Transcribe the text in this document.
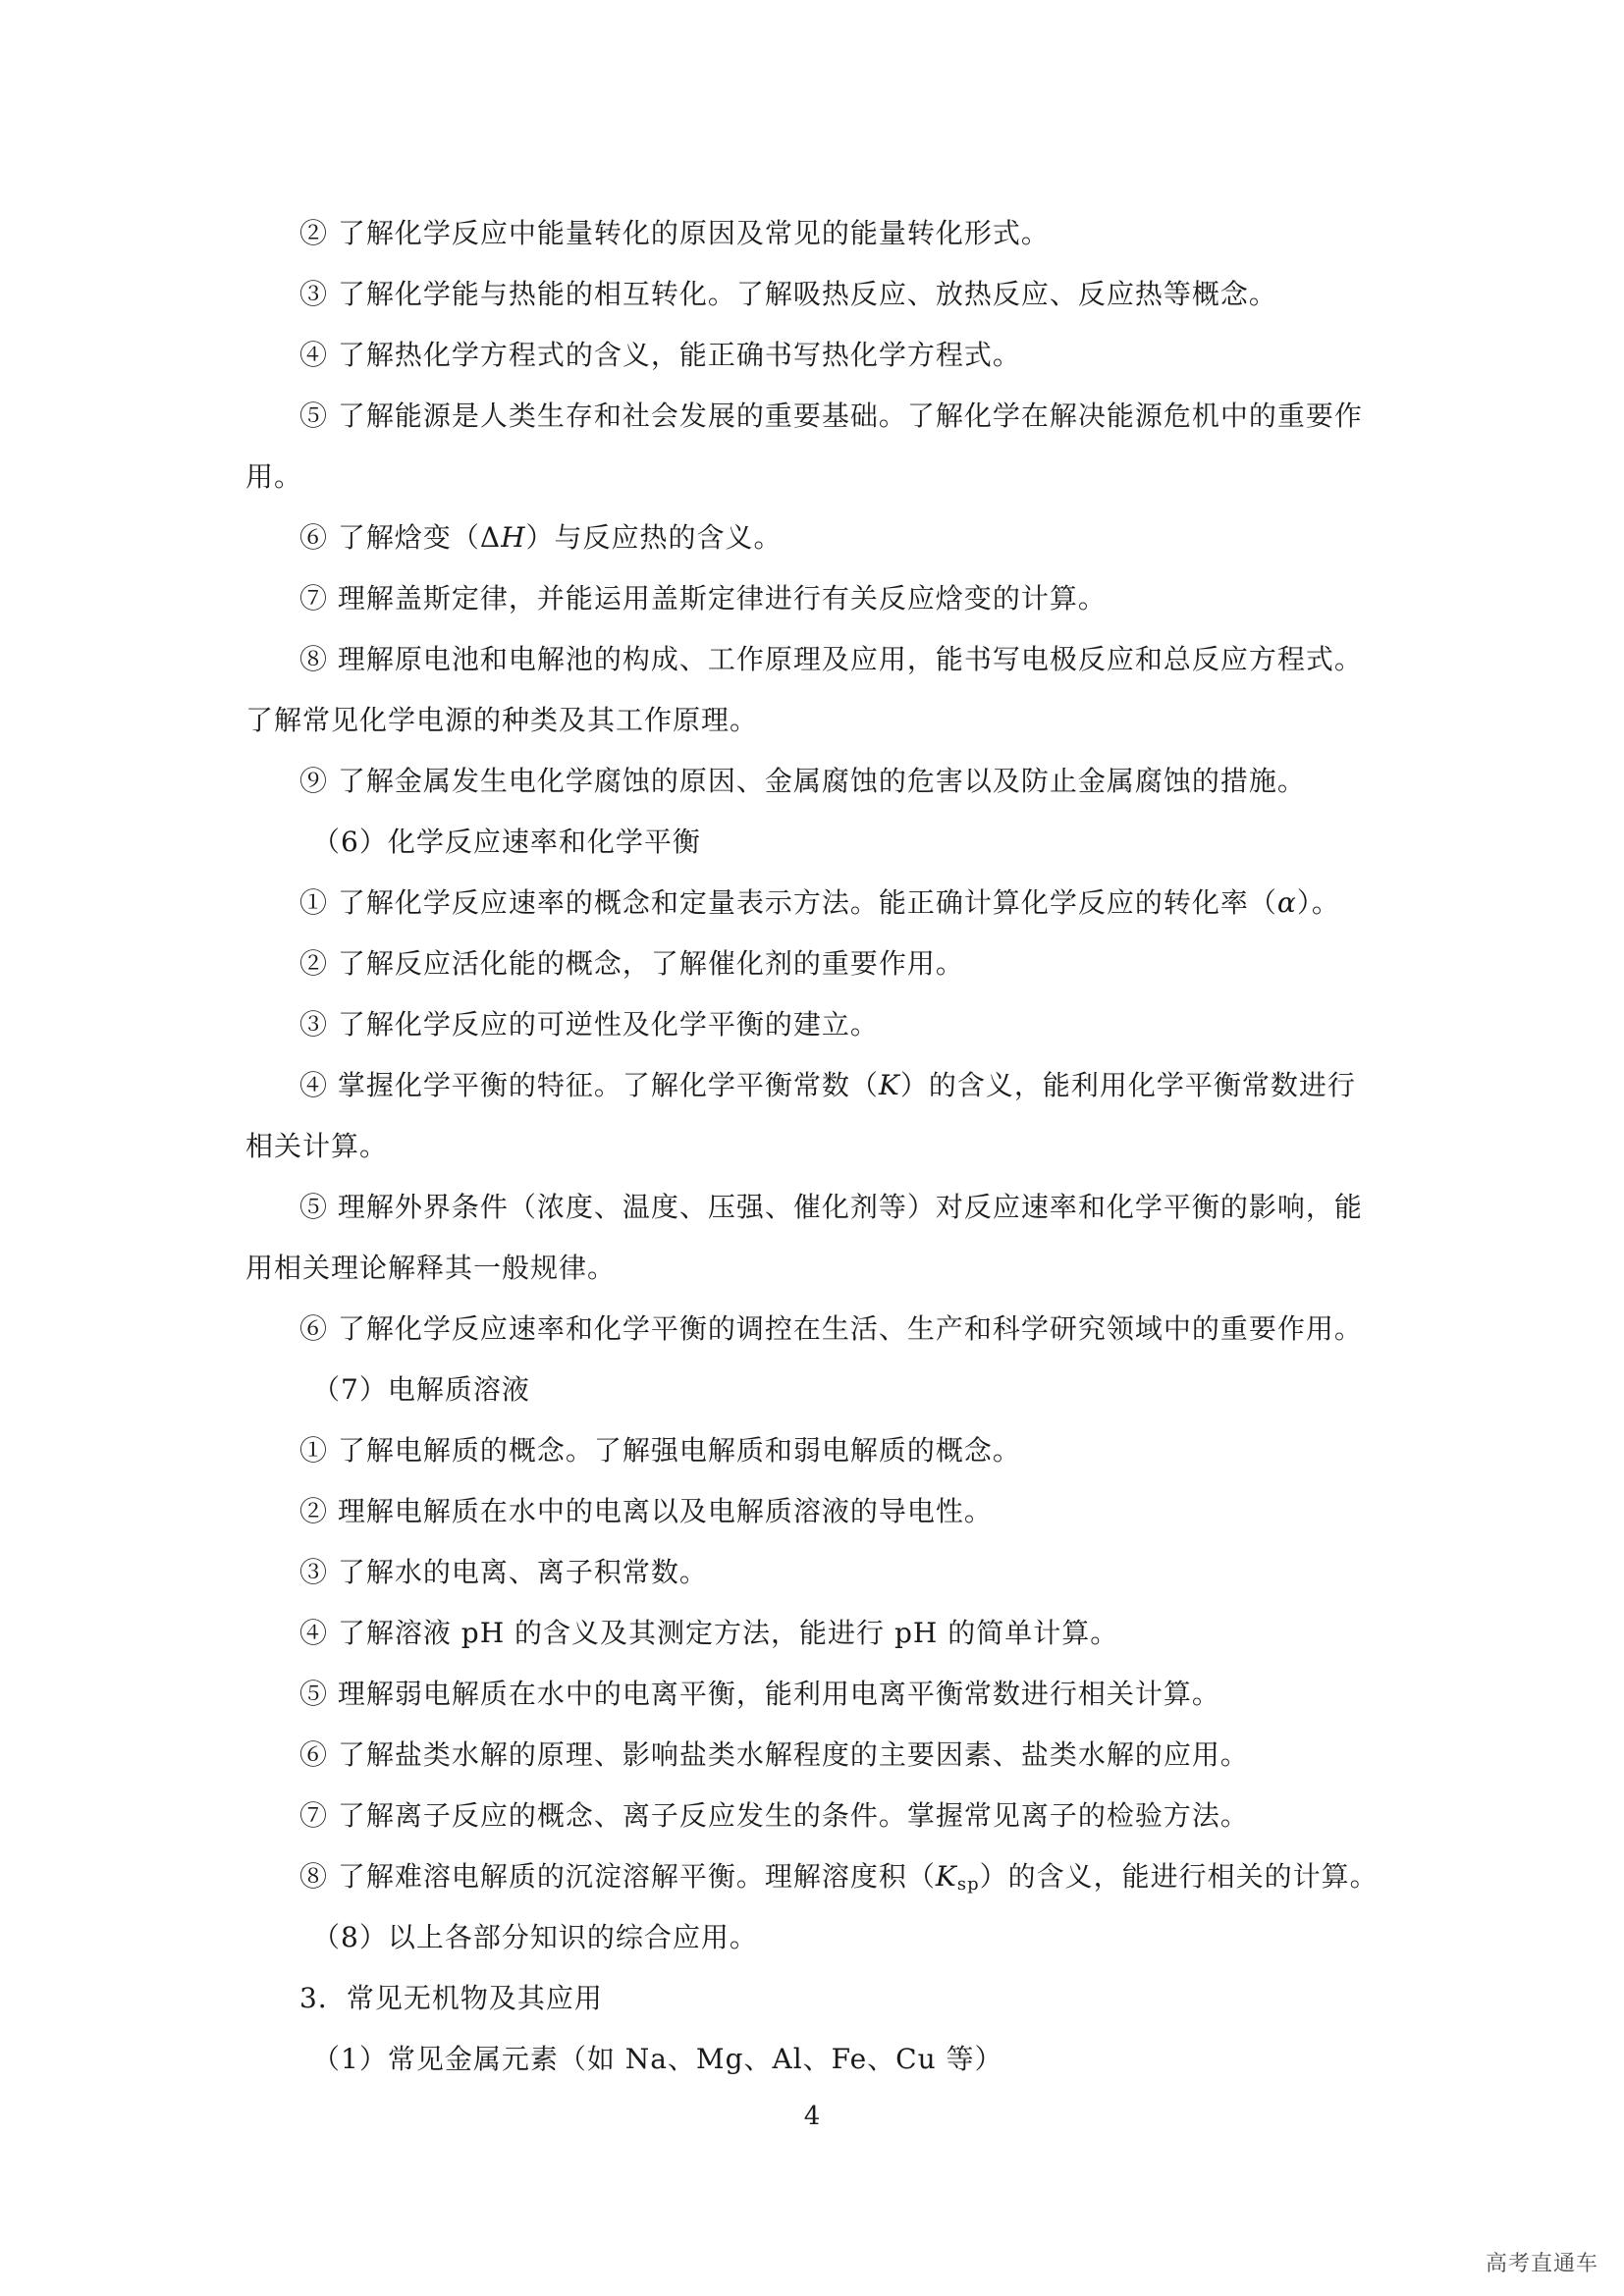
② 了解化学反应中能量转化的原因及常见的能量转化形式。
③ 了解化学能与热能的相互转化。了解吸热反应、放热反应、反应热等概念。
④ 了解热化学方程式的含义，能正确书写热化学方程式。
⑤ 了解能源是人类生存和社会发展的重要基础。了解化学在解决能源危机中的重要作
用。
⑥ 了解焓变（ΔH）与反应热的含义。
⑦ 理解盖斯定律，并能运用盖斯定律进行有关反应焓变的计算。
⑧ 理解原电池和电解池的构成、工作原理及应用，能书写电极反应和总反应方程式。
了解常见化学电源的种类及其工作原理。
⑨ 了解金属发生电化学腐蚀的原因、金属腐蚀的危害以及防止金属腐蚀的措施。
（6）化学反应速率和化学平衡
① 了解化学反应速率的概念和定量表示方法。能正确计算化学反应的转化率（α）。
② 了解反应活化能的概念，了解催化剂的重要作用。
③ 了解化学反应的可逆性及化学平衡的建立。
④ 掌握化学平衡的特征。了解化学平衡常数（K）的含义，能利用化学平衡常数进行
相关计算。
⑤ 理解外界条件（浓度、温度、压强、催化剂等）对反应速率和化学平衡的影响，能
用相关理论解释其一般规律。
⑥ 了解化学反应速率和化学平衡的调控在生活、生产和科学研究领域中的重要作用。
（7）电解质溶液
① 了解电解质的概念。了解强电解质和弱电解质的概念。
② 理解电解质在水中的电离以及电解质溶液的导电性。
③ 了解水的电离、离子积常数。
④ 了解溶液 pH 的含义及其测定方法，能进行 pH 的简单计算。
⑤ 理解弱电解质在水中的电离平衡，能利用电离平衡常数进行相关计算。
⑥ 了解盐类水解的原理、影响盐类水解程度的主要因素、盐类水解的应用。
⑦ 了解离子反应的概念、离子反应发生的条件。掌握常见离子的检验方法。
⑧ 了解难溶电解质的沉淀溶解平衡。理解溶度积$(K_{sp})$的含义，能进行相关的计算。
（8）以上各部分知识的综合应用。
3．常见无机物及其应用
（1）常见金属元素（如 Na、Mg、Al、Fe、Cu 等）
4
高考直通车
